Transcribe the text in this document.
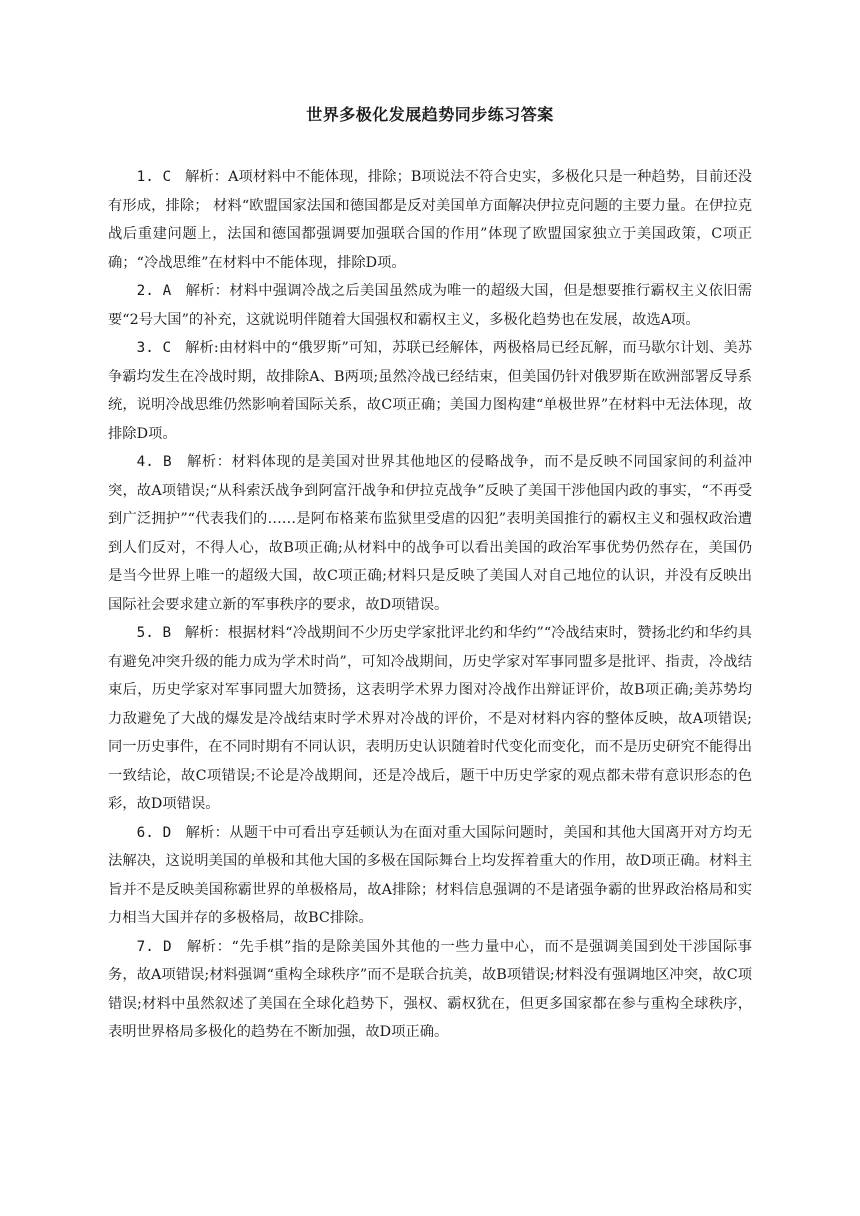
世界多极化发展趋势同步练习答案

1. C 解析：A项材料中不能体现，排除；B项说法不符合史实，多极化只是一种趋势，目前还没有形成，排除； 材料“欧盟国家法国和德国都是反对美国单方面解决伊拉克问题的主要力量。在伊拉克战后重建问题上，法国和德国都强调要加强联合国的作用”体现了欧盟国家独立于美国政策，C项正确；“冷战思维”在材料中不能体现，排除D项。

2. A 解析：材料中强调冷战之后美国虽然成为唯一的超级大国，但是想要推行霸权主义依旧需要“2号大国”的补充，这就说明伴随着大国强权和霸权主义，多极化趋势也在发展，故选A项。

3. C 解析:由材料中的“俄罗斯”可知，苏联已经解体，两极格局已经瓦解，而马歇尔计划、美苏争霸均发生在冷战时期，故排除A、B两项;虽然冷战已经结束，但美国仍针对俄罗斯在欧洲部署反导系统，说明冷战思维仍然影响着国际关系，故C项正确；美国力图构建“单极世界”在材料中无法体现，故排除D项。

4. B 解析：材料体现的是美国对世界其他地区的侵略战争，而不是反映不同国家间的利益冲突，故A项错误;“从科索沃战争到阿富汗战争和伊拉克战争”反映了美国干涉他国内政的事实，“不再受到广泛拥护”“代表我们的……是阿布格莱布监狱里受虐的囚犯”表明美国推行的霸权主义和强权政治遭到人们反对，不得人心，故B项正确;从材料中的战争可以看出美国的政治军事优势仍然存在，美国仍是当今世界上唯一的超级大国，故C项正确;材料只是反映了美国人对自己地位的认识，并没有反映出国际社会要求建立新的军事秩序的要求，故D项错误。

5. B 解析：根据材料“冷战期间不少历史学家批评北约和华约”“冷战结束时，赞扬北约和华约具有避免冲突升级的能力成为学术时尚”，可知冷战期间，历史学家对军事同盟多是批评、指责，冷战结束后，历史学家对军事同盟大加赞扬，这表明学术界力图对冷战作出辩证评价，故B项正确;美苏势均力敌避免了大战的爆发是冷战结束时学术界对冷战的评价，不是对材料内容的整体反映，故A项错误;同一历史事件，在不同时期有不同认识，表明历史认识随着时代变化而变化，而不是历史研究不能得出一致结论，故C项错误;不论是冷战期间，还是冷战后，题干中历史学家的观点都未带有意识形态的色彩，故D项错误。

6. D 解析：从题干中可看出亨廷顿认为在面对重大国际问题时，美国和其他大国离开对方均无法解决，这说明美国的单极和其他大国的多极在国际舞台上均发挥着重大的作用，故D项正确。材料主旨并不是反映美国称霸世界的单极格局，故A排除；材料信息强调的不是诸强争霸的世界政治格局和实力相当大国并存的多极格局，故BC排除。

7. D 解析：“先手棋”指的是除美国外其他的一些力量中心，而不是强调美国到处干涉国际事务，故A项错误;材料强调“重构全球秩序”而不是联合抗美，故B项错误;材料没有强调地区冲突，故C项错误;材料中虽然叙述了美国在全球化趋势下，强权、霸权犹在，但更多国家都在参与重构全球秩序，表明世界格局多极化的趋势在不断加强，故D项正确。
